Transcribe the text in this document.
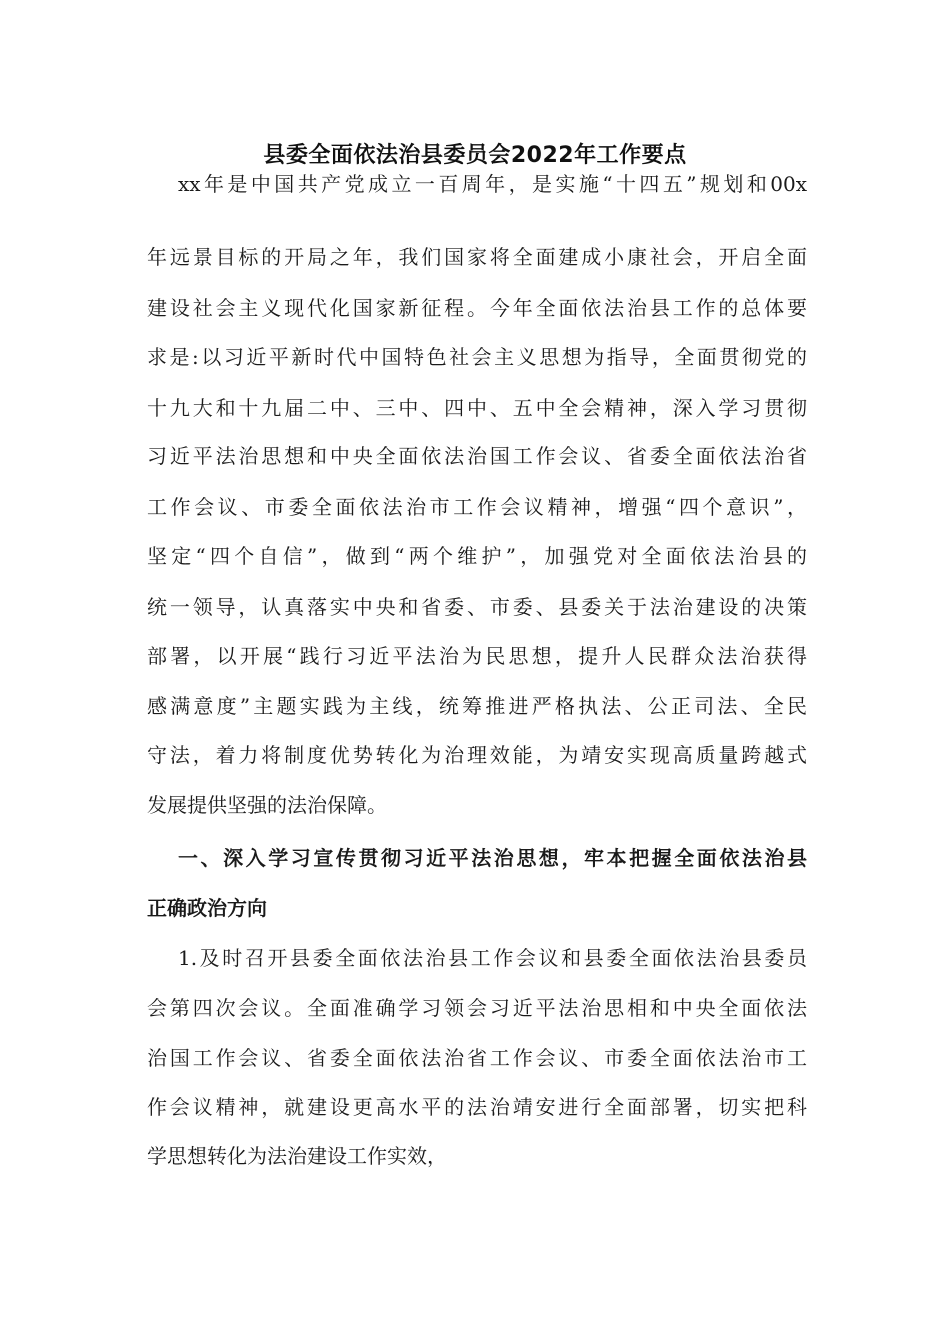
县委全面依法治县委员会2022年工作要点
xx年是中国共产党成立一百周年，是实施“十四五”规划和00x
年远景目标的开局之年，我们国家将全面建成小康社会，开启全面
建设社会主义现代化国家新征程。今年全面依法治县工作的总体要
求是:以习近平新时代中国特色社会主义思想为指导，全面贯彻党的
十九大和十九届二中、三中、四中、五中全会精神，深入学习贯彻
习近平法治思想和中央全面依法治国工作会议、省委全面依法治省
工作会议、市委全面依法治市工作会议精神，增强“四个意识”，
坚定“四个自信”，做到“两个维护”，加强党对全面依法治县的
统一领导，认真落实中央和省委、市委、县委关于法治建设的决策
部署，以开展“践行习近平法治为民思想，提升人民群众法治获得
感满意度”主题实践为主线，统筹推进严格执法、公正司法、全民
守法，着力将制度优势转化为治理效能，为靖安实现高质量跨越式
发展提供坚强的法治保障。
一、深入学习宣传贯彻习近平法治思想，牢本把握全面依法治县
正确政治方向
1.及时召开县委全面依法治县工作会议和县委全面依法治县委员
会第四次会议。全面准确学习领会习近平法治思相和中央全面依法
治国工作会议、省委全面依法治省工作会议、市委全面依法治市工
作会议精神，就建设更高水平的法治靖安进行全面部署，切实把科
学思想转化为法治建设工作实效，
